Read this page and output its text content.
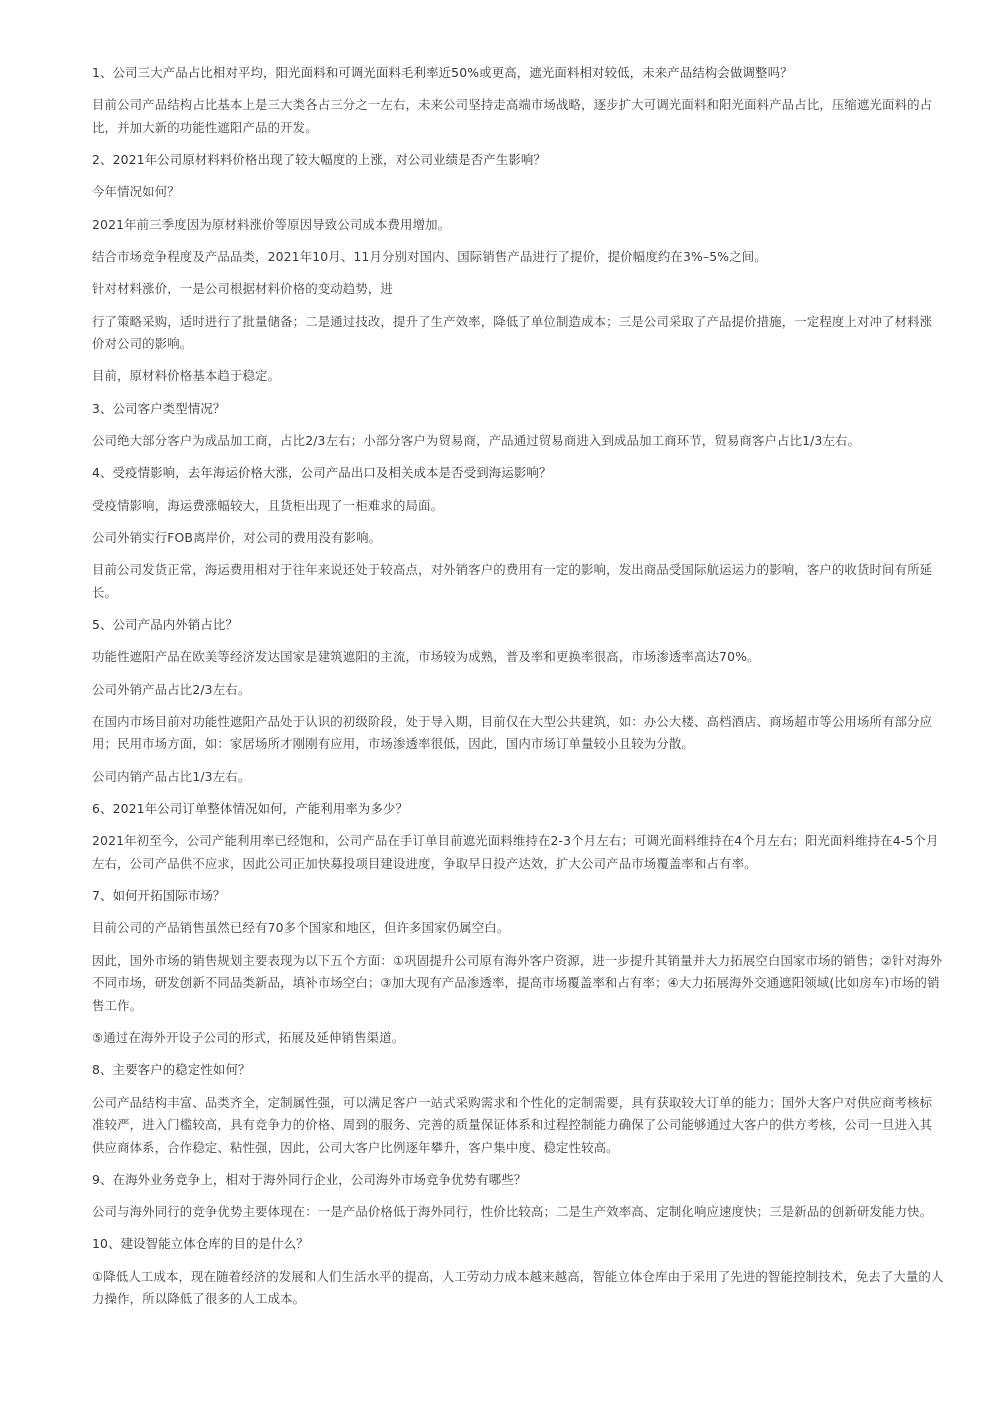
1、公司三大产品占比相对平均，阳光面料和可调光面料毛利率近50%或更高，遮光面料相对较低，未来产品结构会做调整吗？

目前公司产品结构占比基本上是三大类各占三分之一左右，未来公司坚持走高端市场战略，逐步扩大可调光面料和阳光面料产品占比，压缩遮光面料的占比，并加大新的功能性遮阳产品的开发。

2、2021年公司原材料料价格出现了较大幅度的上涨，对公司业绩是否产生影响？

今年情况如何？

2021年前三季度因为原材料涨价等原因导致公司成本费用增加。

结合市场竞争程度及产品品类，2021年10月、11月分别对国内、国际销售产品进行了提价，提价幅度约在3%–5%之间。

针对材料涨价，一是公司根据材料价格的变动趋势，进

行了策略采购，适时进行了批量储备；二是通过技改，提升了生产效率，降低了单位制造成本；三是公司采取了产品提价措施，一定程度上对冲了材料涨价对公司的影响。

目前，原材料价格基本趋于稳定。

3、公司客户类型情况？

公司绝大部分客户为成品加工商，占比2/3左右；小部分客户为贸易商，产品通过贸易商进入到成品加工商环节，贸易商客户占比1/3左右。

4、受疫情影响，去年海运价格大涨，公司产品出口及相关成本是否受到海运影响？

受疫情影响，海运费涨幅较大，且货柜出现了一柜难求的局面。

公司外销实行FOB离岸价，对公司的费用没有影响。

目前公司发货正常，海运费用相对于往年来说还处于较高点，对外销客户的费用有一定的影响，发出商品受国际航运运力的影响，客户的收货时间有所延长。

5、公司产品内外销占比？

功能性遮阳产品在欧美等经济发达国家是建筑遮阳的主流，市场较为成熟，普及率和更换率很高，市场渗透率高达70%。

公司外销产品占比2/3左右。

在国内市场目前对功能性遮阳产品处于认识的初级阶段，处于导入期，目前仅在大型公共建筑，如：办公大楼、高档酒店、商场超市等公用场所有部分应用；民用市场方面，如：家居场所才刚刚有应用，市场渗透率很低，因此，国内市场订单量较小且较为分散。

公司内销产品占比1/3左右。

6、2021年公司订单整体情况如何，产能利用率为多少？

2021年初至今，公司产能利用率已经饱和，公司产品在手订单目前遮光面料维持在2-3个月左右；可调光面料维持在4个月左右；阳光面料维持在4-5个月左右，公司产品供不应求，因此公司正加快募投项目建设进度，争取早日投产达效，扩大公司产品市场覆盖率和占有率。

7、如何开拓国际市场？

目前公司的产品销售虽然已经有70多个国家和地区，但许多国家仍属空白。

因此，国外市场的销售规划主要表现为以下五个方面：①巩固提升公司原有海外客户资源，进一步提升其销量并大力拓展空白国家市场的销售；②针对海外不同市场，研发创新不同品类新品，填补市场空白；③加大现有产品渗透率，提高市场覆盖率和占有率；④大力拓展海外交通遮阳领域(比如房车)市场的销售工作。

⑤通过在海外开设子公司的形式，拓展及延伸销售渠道。

8、主要客户的稳定性如何？

公司产品结构丰富、品类齐全，定制属性强，可以满足客户一站式采购需求和个性化的定制需要，具有获取较大订单的能力；国外大客户对供应商考核标准较严，进入门槛较高，具有竞争力的价格、周到的服务、完善的质量保证体系和过程控制能力确保了公司能够通过大客户的供方考核，公司一旦进入其供应商体系，合作稳定、粘性强，因此，公司大客户比例逐年攀升，客户集中度、稳定性较高。

9、在海外业务竞争上，相对于海外同行企业，公司海外市场竞争优势有哪些？

公司与海外同行的竞争优势主要体现在：一是产品价格低于海外同行，性价比较高；二是生产效率高、定制化响应速度快；三是新品的创新研发能力快。

10、建设智能立体仓库的目的是什么？

①降低人工成本，现在随着经济的发展和人们生活水平的提高，人工劳动力成本越来越高，智能立体仓库由于采用了先进的智能控制技术，免去了大量的人力操作，所以降低了很多的人工成本。
